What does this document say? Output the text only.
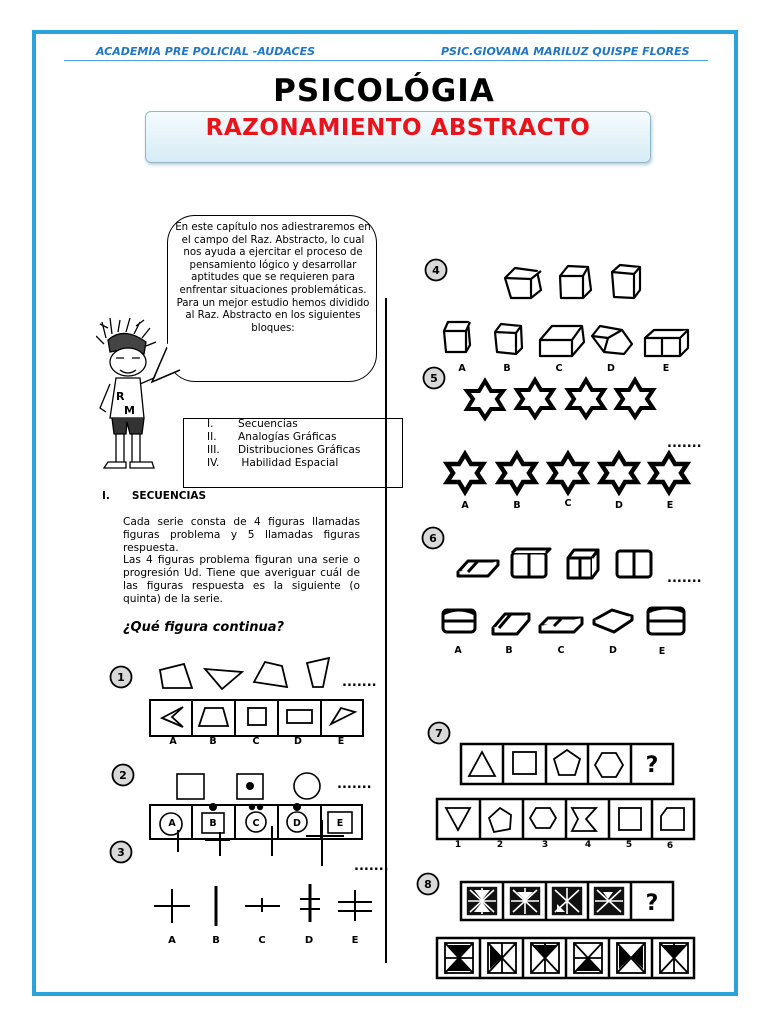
ACADEMIA PRE POLICIAL -AUDACES	PSIC.GIOVANA MARILUZ QUISPE FLORES
PSICOLÓGIA
RAZONAMIENTO ABSTRACTO
En este capítulo nos adiestraremos en el campo del Raz. Abstracto, lo cual nos ayuda a ejercitar el proceso de pensamiento lógico y desarrollar aptitudes que se requieren para enfrentar situaciones problemáticas. Para un mejor estudio hemos dividido al Raz. Abstracto en los siguientes bloques:
R
M
I. Secuencias
II. Analogías Gráficas
III. Distribuciones Gráficas
IV. Habilidad Espacial
I.      SECUENCIAS

Cada serie consta de 4 figuras llamadas figuras problema y 5 llamadas figuras respuesta.

Las 4 figuras problema figuran una serie o progresión Ud. Tiene que averiguar cuál de las figuras respuesta es la siguiente (o quinta) de la serie.

¿Qué figura continua?
1	.......
A	B	C	D	E
2
.......
A	B	C	D	E
3
.......
A	B	C	D	E
4
A	B	C	D	E
5
.......
A	B	C	D	E
6
.......
A	B	C	D	E
7
?
1	2	3	4	5	6
8
?
